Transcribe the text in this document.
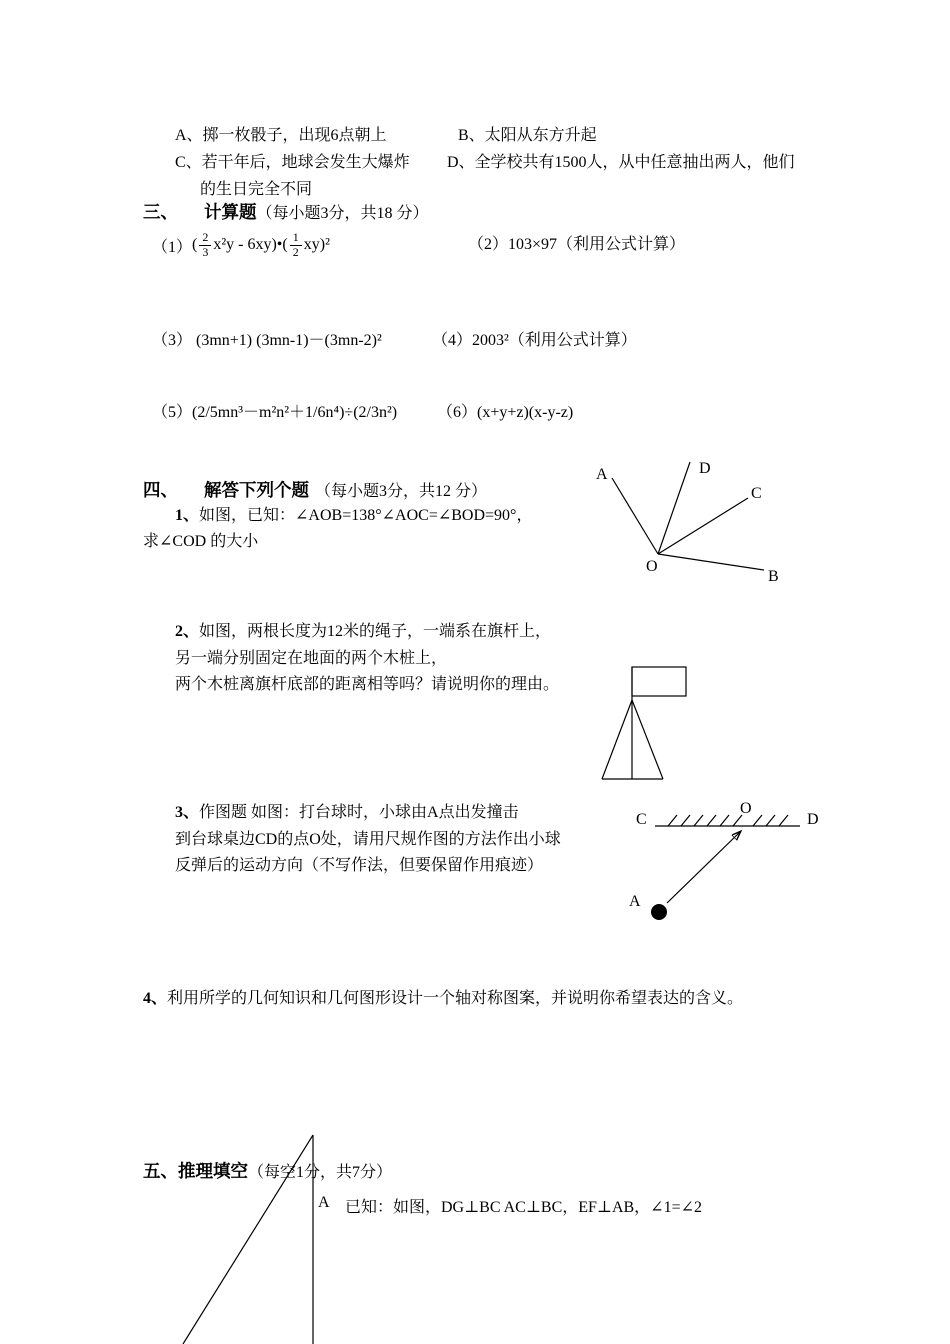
A、掷一枚骰子，出现6点朝上	B、太阳从东方升起
C、若干年后，地球会发生大爆炸 D、全学校共有1500人，从中任意抽出两人，他们
的生日完全不同
三、 计算题（每小题3分，共18 分）
（1） ( $\frac{2}{3} x^2y$ - 6xy)•( $\frac{1}{2} xy)^2$	（2）103×97（利用公式计算）
（3） (3mn+1) (3mn-1)－(3mn-2)²	（4）2003²（利用公式计算）
（5）(2/5mn³－m²n²＋1/6n⁴)÷(2/3n²) （6）(x+y+z)(x-y-z)
四、 解答下列个题 （每小题3分，共12 分）
1、如图，已知：∠AOB=138°∠AOC=∠BOD=90°，
求∠COD 的大小
A	D
C
O
B
2、如图，两根长度为12米的绳子，一端系在旗杆上，
另一端分别固定在地面的两个木桩上，
两个木桩离旗杆底部的距离相等吗？请说明你的理由。
3、作图题 如图：打台球时，小球由A点出发撞击
到台球桌边CD的点O处，请用尺规作图的方法作出小球
反弹后的运动方向（不写作法，但要保留作用痕迹）
C
O
D
A
4、利用所学的几何知识和几何图形设计一个轴对称图案，并说明你希望表达的含义。
五、推理填空（每空1分，共7分）
A 已知：如图，DG⊥BC AC⊥BC，EF⊥AB，∠1=∠2
